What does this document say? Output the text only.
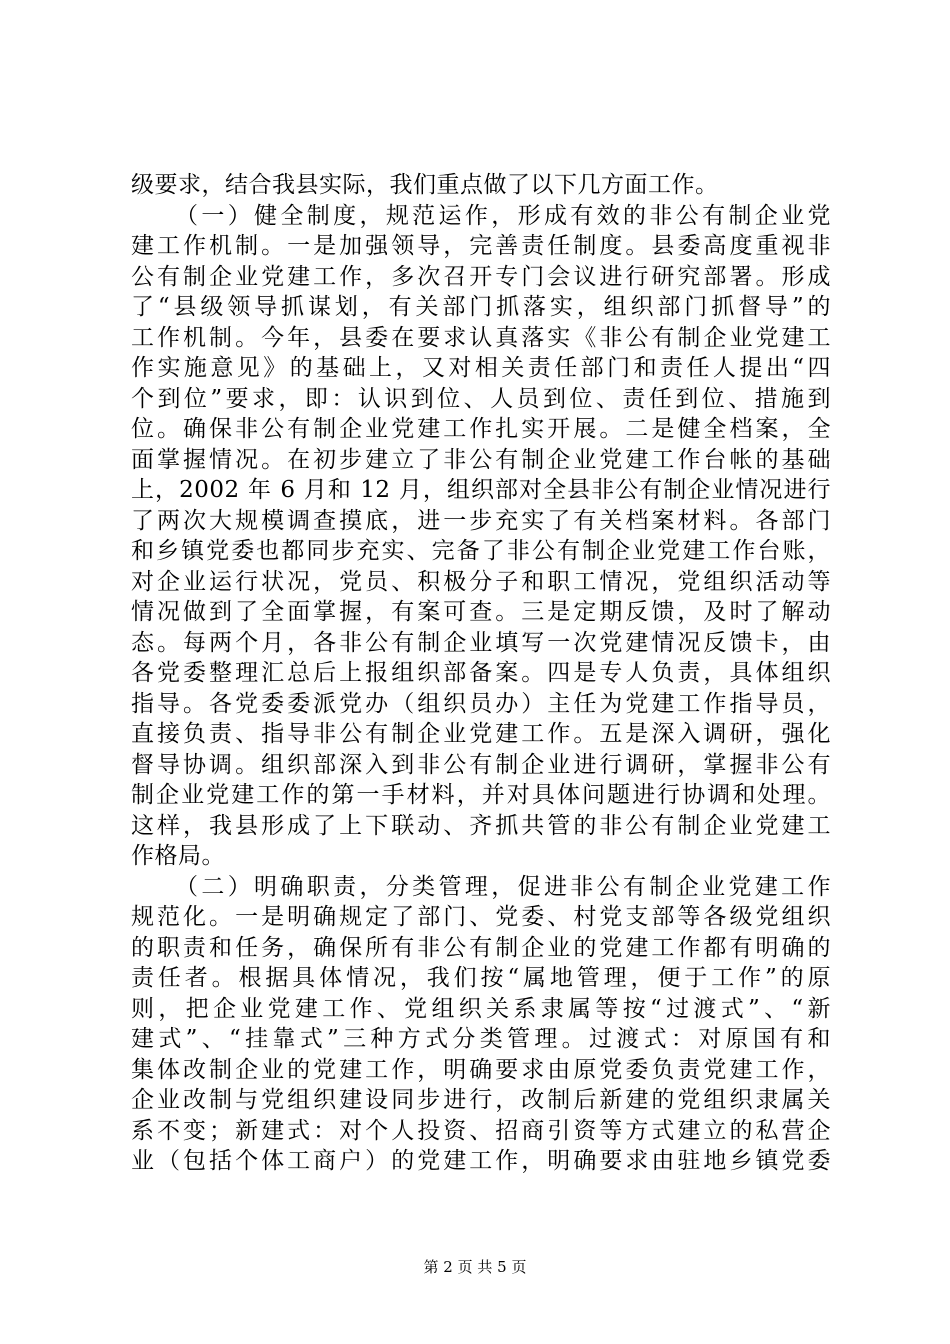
级要求，结合我县实际，我们重点做了以下几方面工作。
（一）健全制度，规范运作，形成有效的非公有制企业党
建工作机制。一是加强领导，完善责任制度。县委高度重视非
公有制企业党建工作，多次召开专门会议进行研究部署。形成
了“县级领导抓谋划，有关部门抓落实，组织部门抓督导”的
工作机制。今年，县委在要求认真落实《非公有制企业党建工
作实施意见》的基础上，又对相关责任部门和责任人提出“四
个到位”要求，即：认识到位、人员到位、责任到位、措施到
位。确保非公有制企业党建工作扎实开展。二是健全档案，全
面掌握情况。在初步建立了非公有制企业党建工作台帐的基础
上，2002 年 6 月和 12 月，组织部对全县非公有制企业情况进行
了两次大规模调查摸底，进一步充实了有关档案材料。各部门
和乡镇党委也都同步充实、完备了非公有制企业党建工作台账，
对企业运行状况，党员、积极分子和职工情况，党组织活动等
情况做到了全面掌握，有案可查。三是定期反馈，及时了解动
态。每两个月，各非公有制企业填写一次党建情况反馈卡，由
各党委整理汇总后上报组织部备案。四是专人负责，具体组织
指导。各党委委派党办（组织员办）主任为党建工作指导员，
直接负责、指导非公有制企业党建工作。五是深入调研，强化
督导协调。组织部深入到非公有制企业进行调研，掌握非公有
制企业党建工作的第一手材料，并对具体问题进行协调和处理。
这样，我县形成了上下联动、齐抓共管的非公有制企业党建工
作格局。
（二）明确职责，分类管理，促进非公有制企业党建工作
规范化。一是明确规定了部门、党委、村党支部等各级党组织
的职责和任务，确保所有非公有制企业的党建工作都有明确的
责任者。根据具体情况，我们按“属地管理，便于工作”的原
则，把企业党建工作、党组织关系隶属等按“过渡式”、“新
建式”、“挂靠式”三种方式分类管理。过渡式：对原国有和
集体改制企业的党建工作，明确要求由原党委负责党建工作，
企业改制与党组织建设同步进行，改制后新建的党组织隶属关
系不变；新建式：对个人投资、招商引资等方式建立的私营企
业（包括个体工商户）的党建工作，明确要求由驻地乡镇党委
第 2 页 共 5 页
